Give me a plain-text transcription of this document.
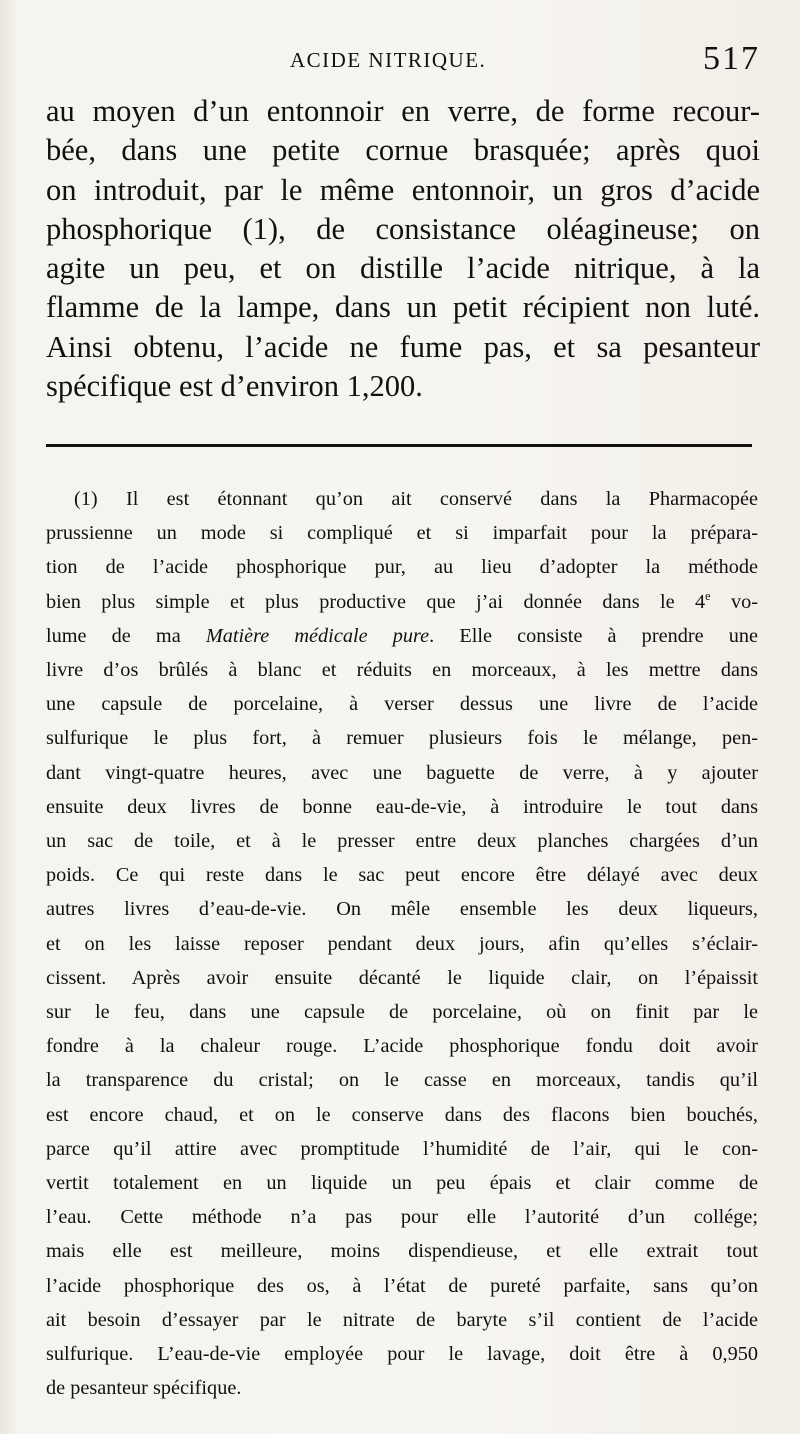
ACIDE NITRIQUE.	517
au moyen d’un entonnoir en verre, de forme recour-
bée, dans une petite cornue brasquée; après quoi
on introduit, par le même entonnoir, un gros d’acide
phosphorique (1), de consistance oléagineuse; on
agite un peu, et on distille l’acide nitrique, à la
flamme de la lampe, dans un petit récipient non luté.
Ainsi obtenu, l’acide ne fume pas, et sa pesanteur
spécifique est d’environ 1,200.
(1) Il est étonnant qu’on ait conservé dans la Pharmacopée
prussienne un mode si compliqué et si imparfait pour la prépara-
tion de l’acide phosphorique pur, au lieu d’adopter la méthode
bien plus simple et plus productive que j’ai donnée dans le 4e vo-
lume de ma Matière médicale pure. Elle consiste à prendre une
livre d’os brûlés à blanc et réduits en morceaux, à les mettre dans
une capsule de porcelaine, à verser dessus une livre de l’acide
sulfurique le plus fort, à remuer plusieurs fois le mélange, pen-
dant vingt-quatre heures, avec une baguette de verre, à y ajouter
ensuite deux livres de bonne eau-de-vie, à introduire le tout dans
un sac de toile, et à le presser entre deux planches chargées d’un
poids. Ce qui reste dans le sac peut encore être délayé avec deux
autres livres d’eau-de-vie. On mêle ensemble les deux liqueurs,
et on les laisse reposer pendant deux jours, afin qu’elles s’éclair-
cissent. Après avoir ensuite décanté le liquide clair, on l’épaissit
sur le feu, dans une capsule de porcelaine, où on finit par le
fondre à la chaleur rouge. L’acide phosphorique fondu doit avoir
la transparence du cristal; on le casse en morceaux, tandis qu’il
est encore chaud, et on le conserve dans des flacons bien bouchés,
parce qu’il attire avec promptitude l’humidité de l’air, qui le con-
vertit totalement en un liquide un peu épais et clair comme de
l’eau. Cette méthode n’a pas pour elle l’autorité d’un collége;
mais elle est meilleure, moins dispendieuse, et elle extrait tout
l’acide phosphorique des os, à l’état de pureté parfaite, sans qu’on
ait besoin d’essayer par le nitrate de baryte s’il contient de l’acide
sulfurique. L’eau-de-vie employée pour le lavage, doit être à 0,950
de pesanteur spécifique.
